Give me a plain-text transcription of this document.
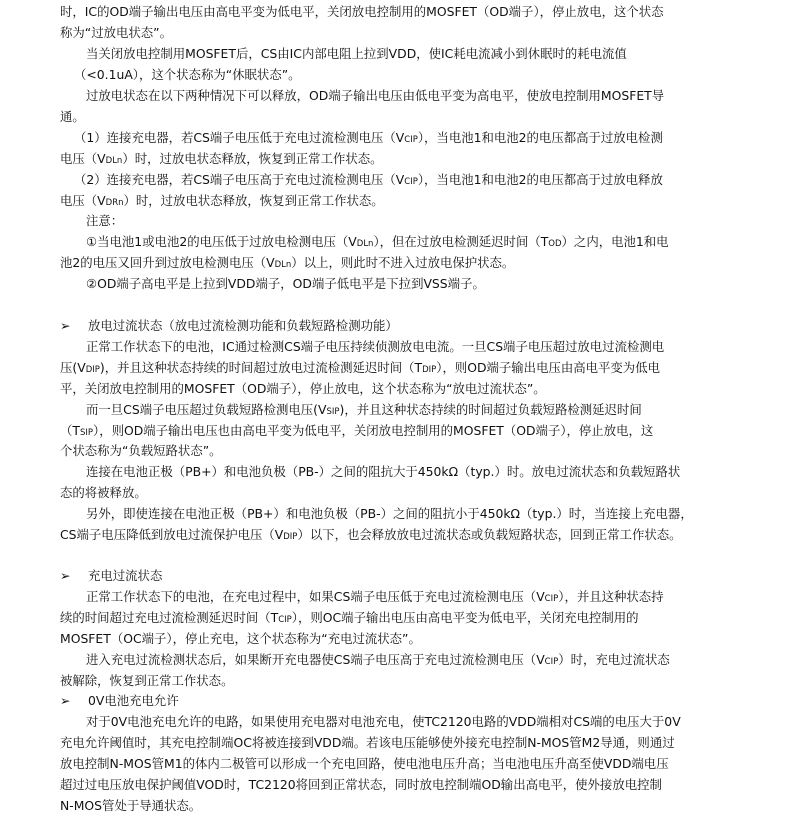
时，IC的OD端子输出电压由高电平变为低电平，关闭放电控制用的MOSFET（OD端子），停止放电，这个状态
称为“过放电状态”。
当关闭放电控制用MOSFET后，CS由IC内部电阻上拉到VDD，使IC耗电流减小到休眠时的耗电流值
（<0.1uA），这个状态称为“休眠状态”。
过放电状态在以下两种情况下可以释放，OD端子输出电压由低电平变为高电平，使放电控制用MOSFET导
通。
（1）连接充电器，若CS端子电压低于充电过流检测电压（VCIP），当电池1和电池2的电压都高于过放电检测
电压（VDLn）时，过放电状态释放，恢复到正常工作状态。
（2）连接充电器，若CS端子电压高于充电过流检测电压（VCIP），当电池1和电池2的电压都高于过放电释放
电压（VDRn）时，过放电状态释放，恢复到正常工作状态。
注意：
①当电池1或电池2的电压低于过放电检测电压（VDLn），但在过放电检测延迟时间（TOD）之内，电池1和电
池2的电压又回升到过放电检测电压（VDLn）以上，则此时不进入过放电保护状态。
②OD端子高电平是上拉到VDD端子，OD端子低电平是下拉到VSS端子。
➢ 放电过流状态（放电过流检测功能和负载短路检测功能）
正常工作状态下的电池，IC通过检测CS端子电压持续侦测放电电流。一旦CS端子电压超过放电过流检测电
压(VDIP)，并且这种状态持续的时间超过放电过流检测延迟时间（TDIP），则OD端子输出电压由高电平变为低电
平，关闭放电控制用的MOSFET（OD端子），停止放电，这个状态称为“放电过流状态”。
而一旦CS端子电压超过负载短路检测电压(VSIP)，并且这种状态持续的时间超过负载短路检测延迟时间
（TSIP），则OD端子输出电压也由高电平变为低电平，关闭放电控制用的MOSFET（OD端子），停止放电，这
个状态称为“负载短路状态”。
连接在电池正极（PB+）和电池负极（PB-）之间的阻抗大于450kΩ（typ.）时。放电过流状态和负载短路状
态的将被释放。
另外，即使连接在电池正极（PB+）和电池负极（PB-）之间的阻抗小于450kΩ（typ.）时，当连接上充电器，
CS端子电压降低到放电过流保护电压（VDIP）以下，也会释放放电过流状态或负载短路状态，回到正常工作状态。
➢ 充电过流状态
正常工作状态下的电池，在充电过程中，如果CS端子电压低于充电过流检测电压（VCIP），并且这种状态持
续的时间超过充电过流检测延迟时间（TCIP），则OC端子输出电压由高电平变为低电平，关闭充电控制用的
MOSFET（OC端子），停止充电，这个状态称为“充电过流状态”。
进入充电过流检测状态后，如果断开充电器使CS端子电压高于充电过流检测电压（VCIP）时，充电过流状态
被解除，恢复到正常工作状态。
➢ 0V电池充电允许
对于0V电池充电允许的电路，如果使用充电器对电池充电，使TC2120电路的VDD端相对CS端的电压大于0V
充电允许阈值时，其充电控制端OC将被连接到VDD端。若该电压能够使外接充电控制N-MOS管M2导通，则通过
放电控制N-MOS管M1的体内二极管可以形成一个充电回路，使电池电压升高；当电池电压升高至使VDD端电压
超过过电压放电保护阈值VOD时，TC2120将回到正常状态，同时放电控制端OD输出高电平，使外接放电控制
N-MOS管处于导通状态。
